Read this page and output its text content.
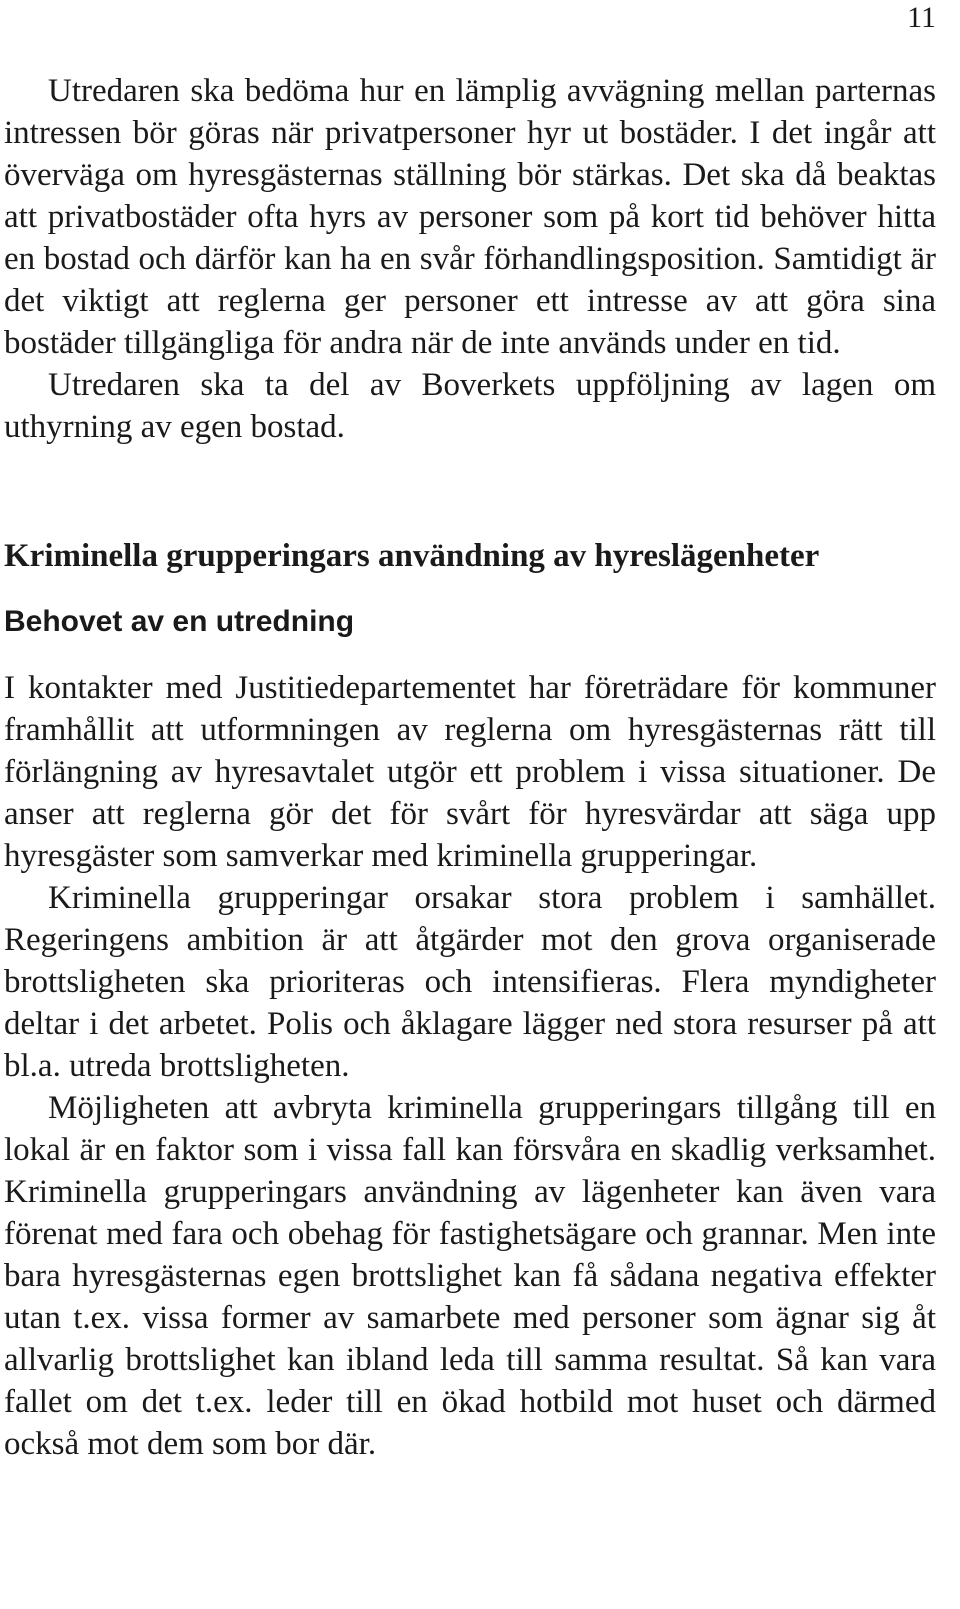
11

Utredaren ska bedöma hur en lämplig avvägning mellan parternas intressen bör göras när privatpersoner hyr ut bostäder. I det ingår att överväga om hyresgästernas ställning bör stärkas. Det ska då beaktas att privatbostäder ofta hyrs av personer som på kort tid behöver hitta en bostad och därför kan ha en svår förhandlingsposition. Samtidigt är det viktigt att reglerna ger personer ett intresse av att göra sina bostäder tillgängliga för andra när de inte används under en tid.

Utredaren ska ta del av Boverkets uppföljning av lagen om uthyrning av egen bostad.

Kriminella grupperingars användning av hyreslägenheter
Behovet av en utredning

I kontakter med Justitiedepartementet har företrädare för kommuner framhållit att utformningen av reglerna om hyresgästernas rätt till förlängning av hyresavtalet utgör ett problem i vissa situationer. De anser att reglerna gör det för svårt för hyresvärdar att säga upp hyresgäster som samverkar med kriminella grupperingar.

Kriminella grupperingar orsakar stora problem i samhället. Regeringens ambition är att åtgärder mot den grova organiserade brottsligheten ska prioriteras och intensifieras. Flera myndigheter deltar i det arbetet. Polis och åklagare lägger ned stora resurser på att bl.a. utreda brottsligheten.

Möjligheten att avbryta kriminella grupperingars tillgång till en lokal är en faktor som i vissa fall kan försvåra en skadlig verksamhet. Kriminella grupperingars användning av lägenheter kan även vara förenat med fara och obehag för fastighetsägare och grannar. Men inte bara hyresgästernas egen brottslighet kan få sådana negativa effekter utan t.ex. vissa former av samarbete med personer som ägnar sig åt allvarlig brottslighet kan ibland leda till samma resultat. Så kan vara fallet om det t.ex. leder till en ökad hotbild mot huset och därmed också mot dem som bor där.
